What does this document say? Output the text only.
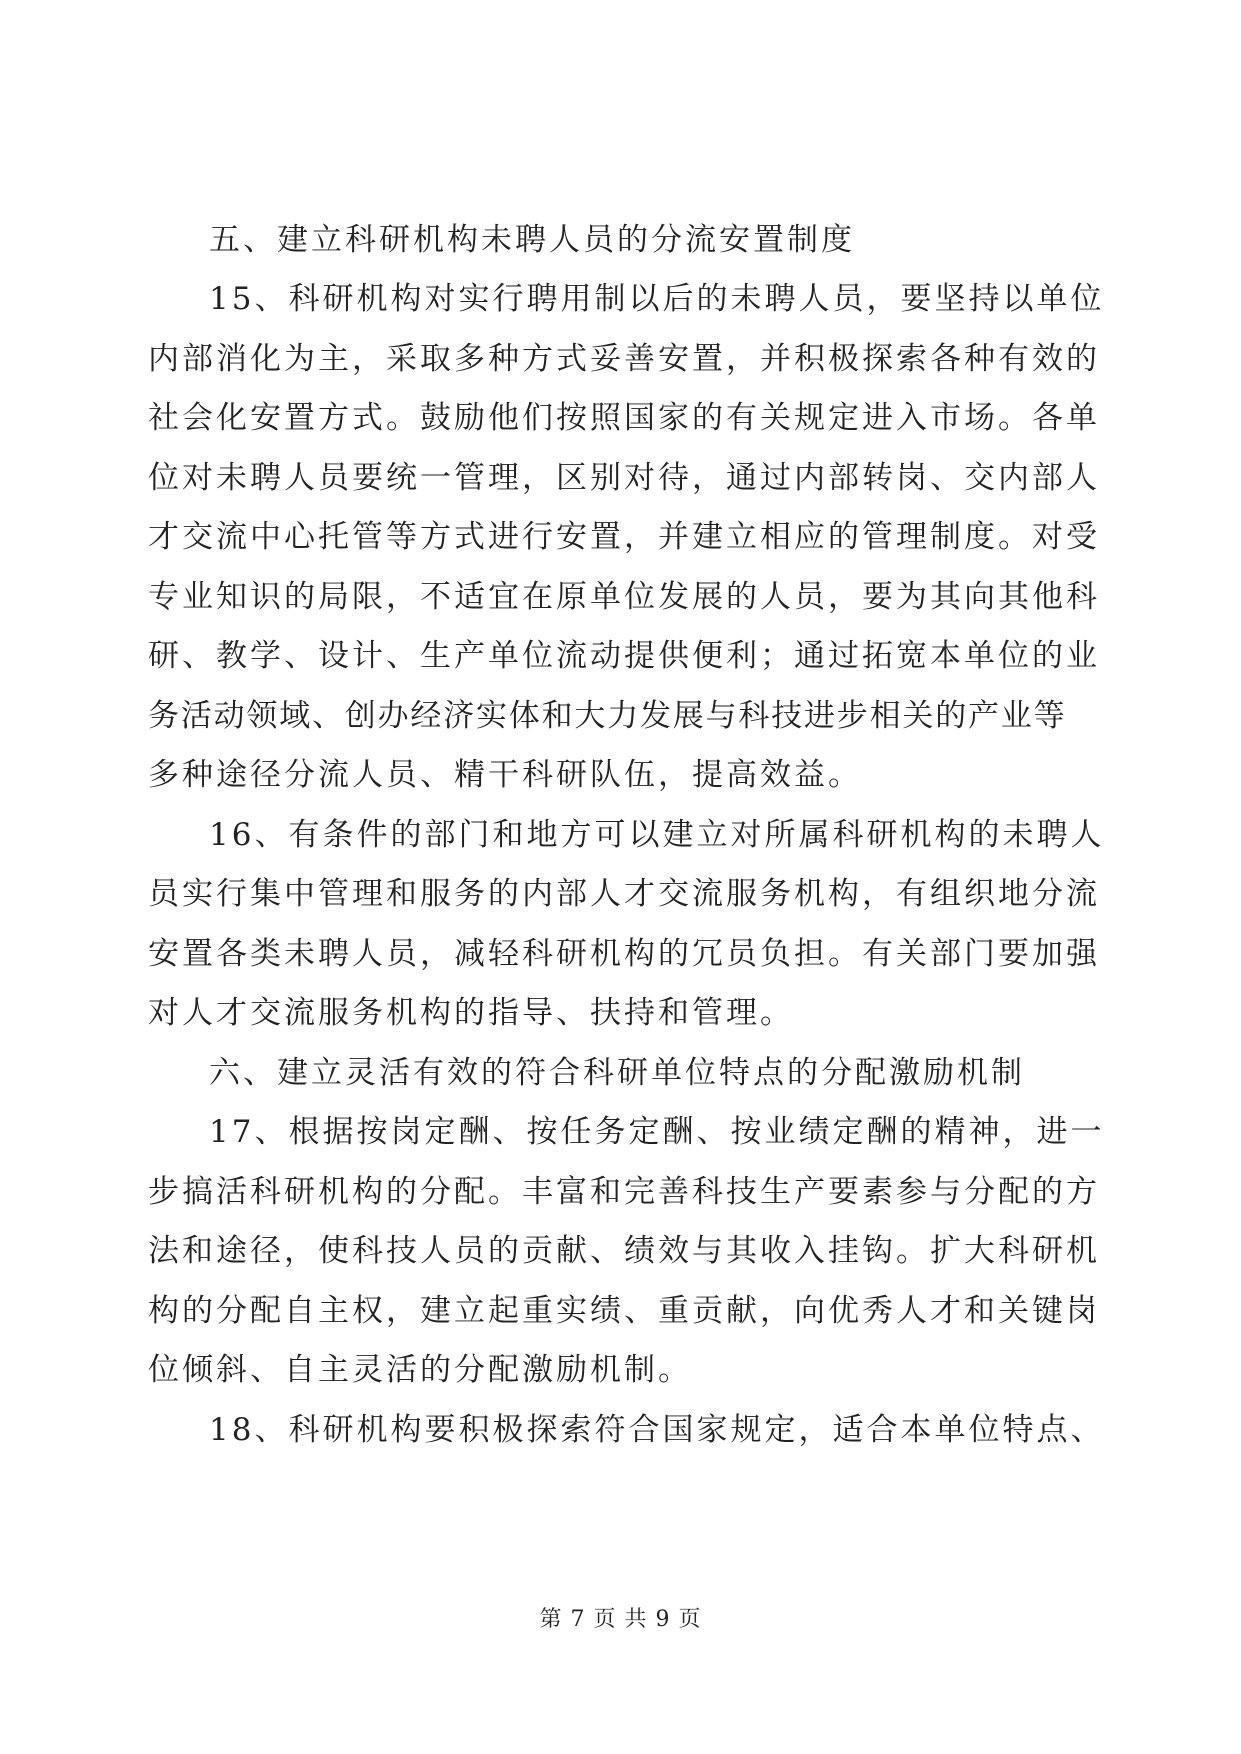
五、建立科研机构未聘人员的分流安置制度
15、科研机构对实行聘用制以后的未聘人员，要坚持以单位
内部消化为主，采取多种方式妥善安置，并积极探索各种有效的
社会化安置方式。鼓励他们按照国家的有关规定进入市场。各单
位对未聘人员要统一管理，区别对待，通过内部转岗、交内部人
才交流中心托管等方式进行安置，并建立相应的管理制度。对受
专业知识的局限，不适宜在原单位发展的人员，要为其向其他科
研、教学、设计、生产单位流动提供便利；通过拓宽本单位的业
务活动领域、创办经济实体和大力发展与科技进步相关的产业等
多种途径分流人员、精干科研队伍，提高效益。
16、有条件的部门和地方可以建立对所属科研机构的未聘人
员实行集中管理和服务的内部人才交流服务机构，有组织地分流
安置各类未聘人员，减轻科研机构的冗员负担。有关部门要加强
对人才交流服务机构的指导、扶持和管理。
六、建立灵活有效的符合科研单位特点的分配激励机制
17、根据按岗定酬、按任务定酬、按业绩定酬的精神，进一
步搞活科研机构的分配。丰富和完善科技生产要素参与分配的方
法和途径，使科技人员的贡献、绩效与其收入挂钩。扩大科研机
构的分配自主权，建立起重实绩、重贡献，向优秀人才和关键岗
位倾斜、自主灵活的分配激励机制。
18、科研机构要积极探索符合国家规定，适合本单位特点、
第 7 页 共 9 页
